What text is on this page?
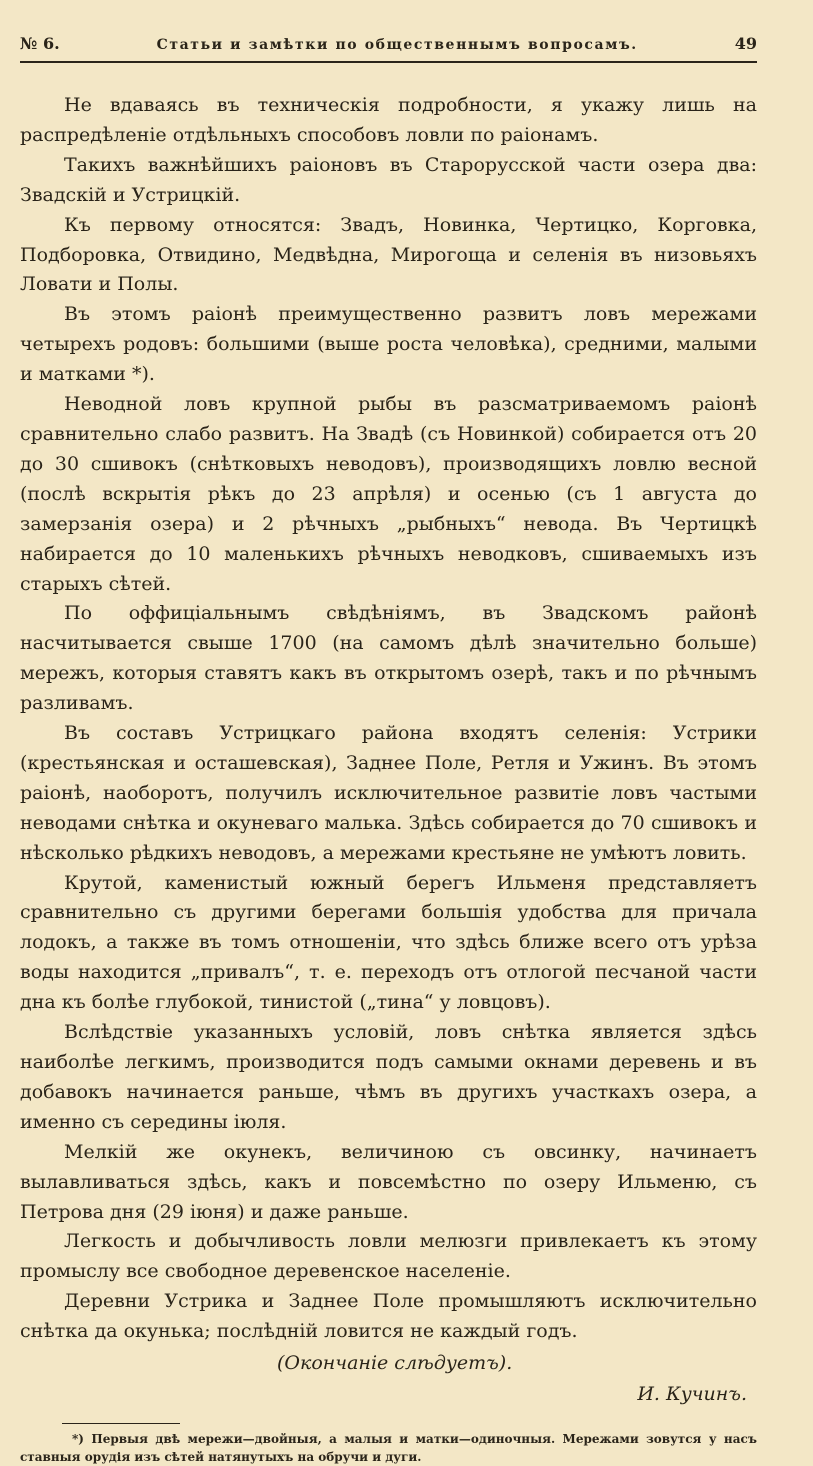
№ 6.	Статьи и замѣтки по общественнымъ вопросамъ.	49

Не вдаваясь въ техническія подробности, я укажу лишь на распредѣленіе отдѣльныхъ способовъ ловли по раіонамъ.

Такихъ важнѣйшихъ раіоновъ въ Старорусской части озера два: Звадскій и Устрицкій.

Къ первому относятся: Звадъ, Новинка, Чертицко, Корговка, Подборовка, Отвидино, Медвѣдна, Мирогоща и селенія въ низовьяхъ Ловати и Полы.

Въ этомъ раіонѣ преимущественно развитъ ловъ мережами четырехъ родовъ: большими (выше роста человѣка), средними, малыми и матками *).

Неводной ловъ крупной рыбы въ разсматриваемомъ раіонѣ сравнительно слабо развитъ. На Звадѣ (съ Новинкой) собирается отъ 20 до 30 сшивокъ (снѣтковыхъ неводовъ), производящихъ ловлю весной (послѣ вскрытія рѣкъ до 23 апрѣля) и осенью (съ 1 августа до замерзанія озера) и 2 рѣчныхъ „рыбныхъ“ невода. Въ Чертицкѣ набирается до 10 маленькихъ рѣчныхъ неводковъ, сшиваемыхъ изъ старыхъ сѣтей.

По оффиціальнымъ свѣдѣніямъ, въ Звадскомъ районѣ насчитывается свыше 1700 (на самомъ дѣлѣ значительно больше) мережъ, которыя ставятъ какъ въ открытомъ озерѣ, такъ и по рѣчнымъ разливамъ.

Въ составъ Устрицкаго района входятъ селенія: Устрики (крестьянская и осташевская), Заднее Поле, Ретля и Ужинъ. Въ этомъ раіонѣ, наоборотъ, получилъ исключительное развитіе ловъ частыми неводами снѣтка и окуневаго малька. Здѣсь собирается до 70 сшивокъ и нѣсколько рѣдкихъ неводовъ, а мережами крестьяне не умѣютъ ловить.

Крутой, каменистый южный берегъ Ильменя представляетъ сравнительно съ другими берегами большія удобства для причала лодокъ, а также въ томъ отношеніи, что здѣсь ближе всего отъ урѣза воды находится „привалъ“, т. е. переходъ отъ отлогой песчаной части дна къ болѣе глубокой, тинистой („тина“ у ловцовъ).

Вслѣдствіе указанныхъ условій, ловъ снѣтка является здѣсь наиболѣе легкимъ, производится подъ самыми окнами деревень и въ добавокъ начинается раньше, чѣмъ въ другихъ участкахъ озера, а именно съ середины іюля.

Мелкій же окунекъ, величиною съ овсинку, начинаетъ вылавливаться здѣсь, какъ и повсемѣстно по озеру Ильменю, съ Петрова дня (29 іюня) и даже раньше.

Легкость и добычливость ловли мелюзги привлекаетъ къ этому промыслу все свободное деревенское населеніе.

Деревни Устрика и Заднее Поле промышляютъ исключительно снѣтка да окунька; послѣдній ловится не каждый годъ.

(Окончаніе слѣдуетъ).
И. Кучинъ.
*) Первыя двѣ мережи—двойныя, а малыя и матки—одиночныя. Мережами зовутся у насъ ставныя орудія изъ сѣтей натянутыхъ на обручи и дуги.
